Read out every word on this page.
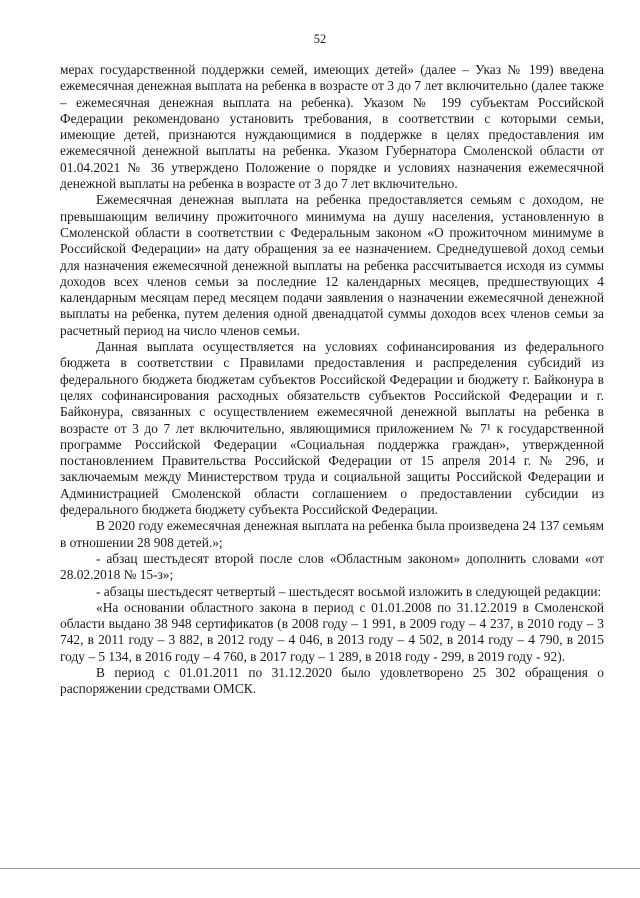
52

мерах государственной поддержки семей, имеющих детей» (далее – Указ № 199) введена ежемесячная денежная выплата на ребенка в возрасте от 3 до 7 лет включительно (далее также – ежемесячная денежная выплата на ребенка). Указом № 199 субъектам Российской Федерации рекомендовано установить требования, в соответствии с которыми семьи, имеющие детей, признаются нуждающимися в поддержке в целях предоставления им ежемесячной денежной выплаты на ребенка. Указом Губернатора Смоленской области от 01.04.2021 № 36 утверждено Положение о порядке и условиях назначения ежемесячной денежной выплаты на ребенка в возрасте от 3 до 7 лет включительно.

Ежемесячная денежная выплата на ребенка предоставляется семьям с доходом, не превышающим величину прожиточного минимума на душу населения, установленную в Смоленской области в соответствии с Федеральным законом «О прожиточном минимуме в Российской Федерации» на дату обращения за ее назначением. Среднедушевой доход семьи для назначения ежемесячной денежной выплаты на ребенка рассчитывается исходя из суммы доходов всех членов семьи за последние 12 календарных месяцев, предшествующих 4 календарным месяцам перед месяцем подачи заявления о назначении ежемесячной денежной выплаты на ребенка, путем деления одной двенадцатой суммы доходов всех членов семьи за расчетный период на число членов семьи.

Данная выплата осуществляется на условиях софинансирования из федерального бюджета в соответствии с Правилами предоставления и распределения субсидий из федерального бюджета бюджетам субъектов Российской Федерации и бюджету г. Байконура в целях софинансирования расходных обязательств субъектов Российской Федерации и г. Байконура, связанных с осуществлением ежемесячной денежной выплаты на ребенка в возрасте от 3 до 7 лет включительно, являющимися приложением № 7¹ к государственной программе Российской Федерации «Социальная поддержка граждан», утвержденной постановлением Правительства Российской Федерации от 15 апреля 2014 г. № 296, и заключаемым между Министерством труда и социальной защиты Российской Федерации и Администрацией Смоленской области соглашением о предоставлении субсидии из федерального бюджета бюджету субъекта Российской Федерации.

В 2020 году ежемесячная денежная выплата на ребенка была произведена 24 137 семьям в отношении 28 908 детей.»;

- абзац шестьдесят второй после слов «Областным законом» дополнить словами «от 28.02.2018 № 15-з»;

- абзацы шестьдесят четвертый – шестьдесят восьмой изложить в следующей редакции:

«На основании областного закона в период с 01.01.2008 по 31.12.2019 в Смоленской области выдано 38 948 сертификатов (в 2008 году – 1 991, в 2009 году – 4 237, в 2010 году – 3 742, в 2011 году – 3 882, в 2012 году – 4 046, в 2013 году – 4 502, в 2014 году – 4 790, в 2015 году – 5 134, в 2016 году – 4 760, в 2017 году – 1 289, в 2018 году - 299, в 2019 году - 92).

В период с 01.01.2011 по 31.12.2020 было удовлетворено 25 302 обращения о распоряжении средствами ОМСК.
